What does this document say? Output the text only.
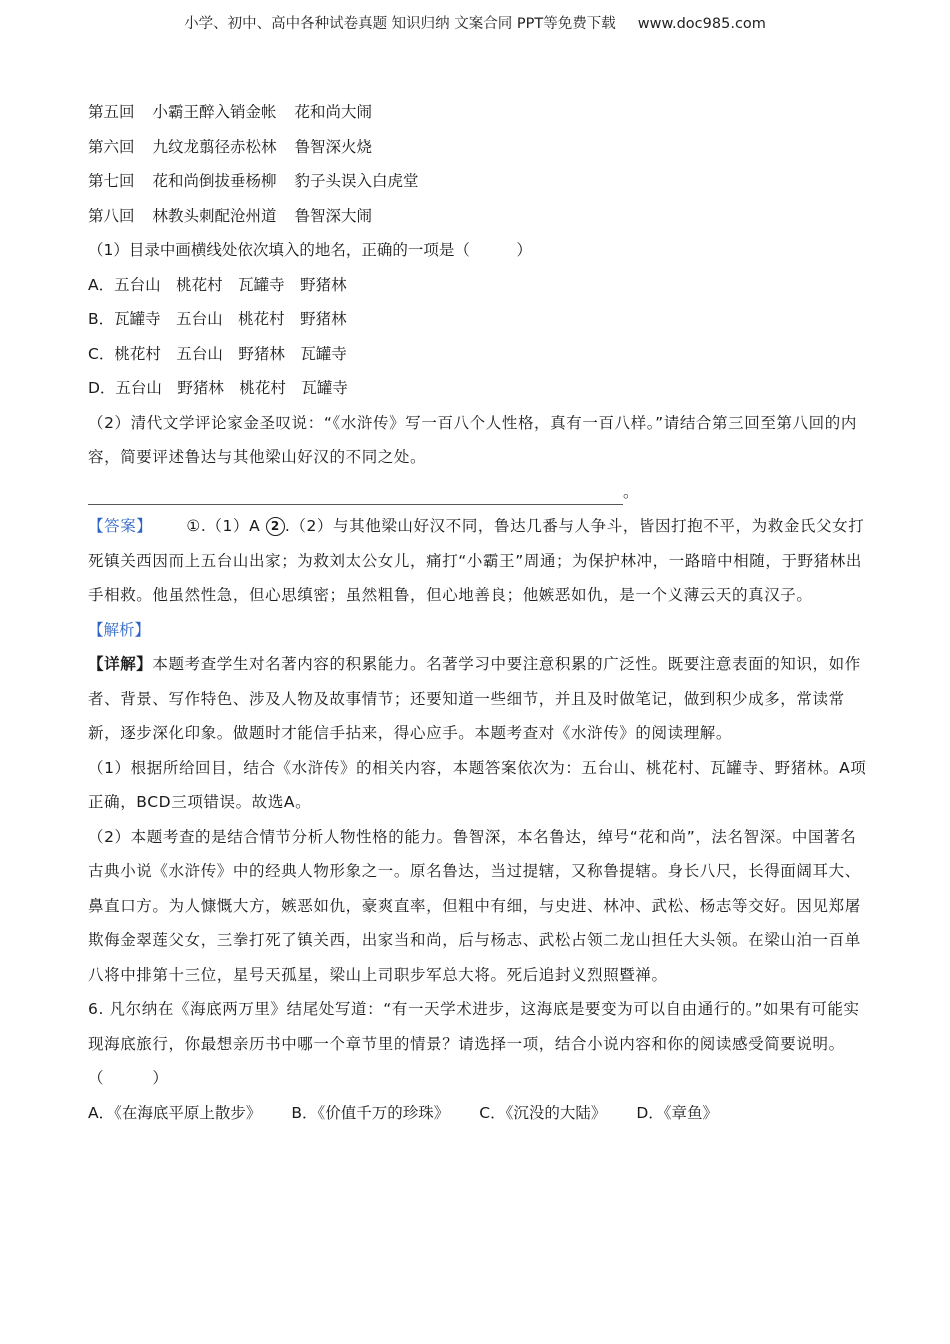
小学、初中、高中各种试卷真题 知识归纳 文案合同 PPT等免费下载 www.doc985.com
第五回 小霸王醉入销金帐 花和尚大闹
第六回 九纹龙翦径赤松林 鲁智深火烧
第七回 花和尚倒拔垂杨柳 豹子头误入白虎堂
第八回 林教头刺配沧州道 鲁智深大闹
（1）目录中画横线处依次填入的地名，正确的一项是（　　　）
A．五台山　桃花村　瓦罐寺　野猪林
B．瓦罐寺　五台山　桃花村　野猪林
C．桃花村　五台山　野猪林　瓦罐寺
D．五台山　野猪林　桃花村　瓦罐寺
（2）清代文学评论家金圣叹说：“《水浒传》写一百八个人性格，真有一百八样。”请结合第三回至第八回的内容，简要评述鲁达与其他梁山好汉的不同之处。
。
【答案】 ①.（1）A 2 .（2）与其他梁山好汉不同，鲁达几番与人争斗，皆因打抱不平，为救金氏父女打死镇关西因而上五台山出家；为救刘太公女儿，痛打“小霸王”周通；为保护林冲，一路暗中相随，于野猪林出手相救。他虽然性急，但心思缜密；虽然粗鲁，但心地善良；他嫉恶如仇，是一个义薄云天的真汉子。
【解析】
【详解】本题考查学生对名著内容的积累能力。名著学习中要注意积累的广泛性。既要注意表面的知识，如作者、背景、写作特色、涉及人物及故事情节；还要知道一些细节，并且及时做笔记，做到积少成多，常读常新，逐步深化印象。做题时才能信手拈来，得心应手。本题考查对《水浒传》的阅读理解。
（1）根据所给回目，结合《水浒传》的相关内容，本题答案依次为：五台山、桃花村、瓦罐寺、野猪林。A项正确，BCD三项错误。故选A。
（2）本题考查的是结合情节分析人物性格的能力。鲁智深，本名鲁达，绰号“花和尚”，法名智深。中国著名古典小说《水浒传》中的经典人物形象之一。原名鲁达，当过提辖，又称鲁提辖。身长八尺，长得面阔耳大、鼻直口方。为人慷慨大方，嫉恶如仇，豪爽直率，但粗中有细，与史进、林冲、武松、杨志等交好。因见郑屠欺侮金翠莲父女，三拳打死了镇关西，出家当和尚，后与杨志、武松占领二龙山担任大头领。在梁山泊一百单八将中排第十三位，星号天孤星，梁山上司职步军总大将。死后追封义烈照暨禅。
6. 凡尔纳在《海底两万里》结尾处写道：“有一天学术进步，这海底是要变为可以自由通行的。”如果有可能实现海底旅行，你最想亲历书中哪一个章节里的情景？请选择一项，结合小说内容和你的阅读感受简要说明。（　　　）
A．《在海底平原上散步》 B．《价值千万的珍珠》 C．《沉没的大陆》 D．《章鱼》
